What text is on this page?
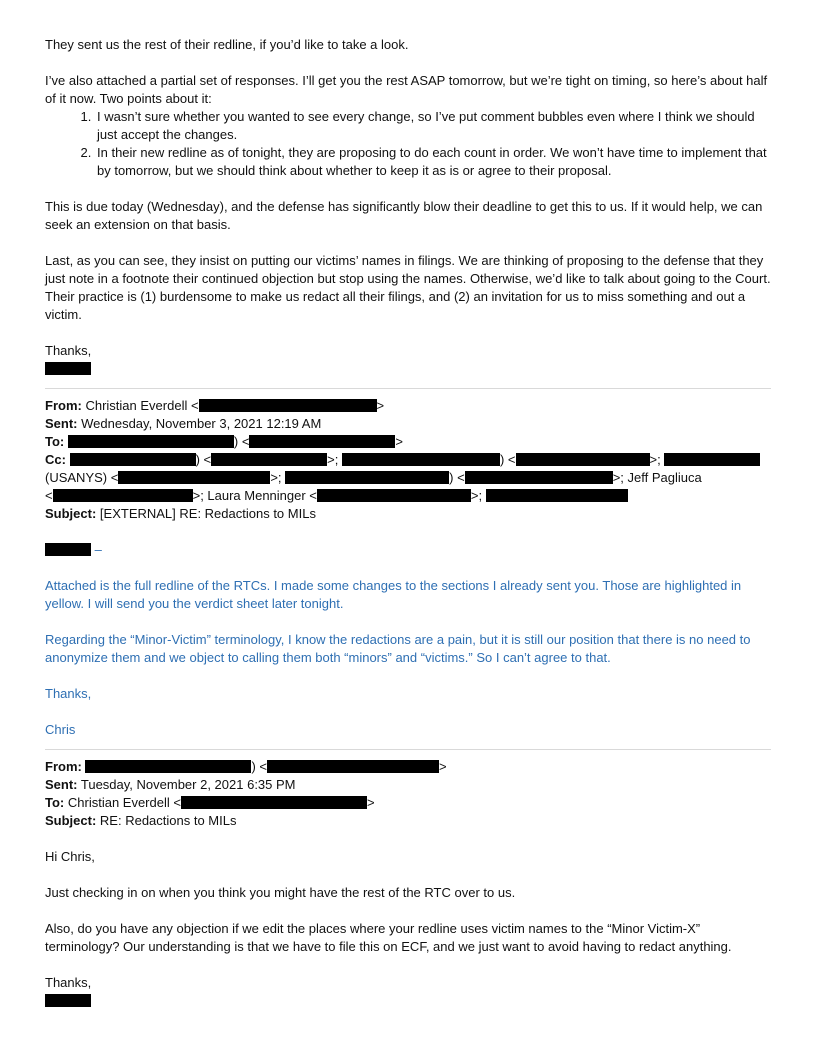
They sent us the rest of their redline, if you’d like to take a look.

I’ve also attached a partial set of responses. I’ll get you the rest ASAP tomorrow, but we’re tight on timing, so here’s about half of it now. Two points about it:

1. I wasn’t sure whether you wanted to see every change, so I’ve put comment bubbles even where I think we should just accept the changes.
2. In their new redline as of tonight, they are proposing to do each count in order. We won’t have time to implement that by tomorrow, but we should think about whether to keep it as is or agree to their proposal.

This is due today (Wednesday), and the defense has significantly blow their deadline to get this to us. If it would help, we can seek an extension on that basis.

Last, as you can see, they insist on putting our victims’ names in filings. We are thinking of proposing to the defense that they just note in a footnote their continued objection but stop using the names. Otherwise, we’d like to talk about going to the Court. Their practice is (1) burdensome to make us redact all their filings, and (2) an invitation for us to miss something and out a victim.

Thanks,

From: Christian Everdell <	>

Sent: Wednesday, November 3, 2021 12:19 AM

To:	) <	>

Cc:	) <	>;	) <	>;

(USANYS) <	>;	) <	>; Jeff Pagliuca

<	>; Laura Menninger <	>;

Subject: [EXTERNAL] RE: Redactions to MILs

–

Attached is the full redline of the RTCs. I made some changes to the sections I already sent you. Those are highlighted in yellow. I will send you the verdict sheet later tonight.

Regarding the “Minor-Victim” terminology, I know the redactions are a pain, but it is still our position that there is no need to anonymize them and we object to calling them both “minors” and “victims.” So I can’t agree to that.

Thanks,

Chris

From:	) <	>

Sent: Tuesday, November 2, 2021 6:35 PM

To: Christian Everdell <	>

Subject: RE: Redactions to MILs

Hi Chris,

Just checking in on when you think you might have the rest of the RTC over to us.

Also, do you have any objection if we edit the places where your redline uses victim names to the “Minor Victim-X” terminology? Our understanding is that we have to file this on ECF, and we just want to avoid having to redact anything.

Thanks,
